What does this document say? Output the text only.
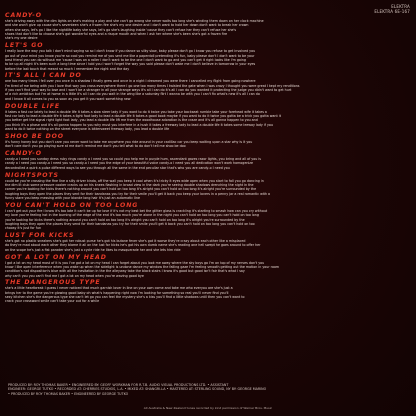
ELEKTRA
ELEKTRA 6E-167
CANDY-O
she's driving away with the dim lights on she's making a play and she can't go wrong she never waits too long she's winding them down on her clock machine
and she won't give up cause she's seventeen she's a frozen fire she's my one desire and I don't want to hold her down don't want to break her crown
when she says, let's go I like the nightlife baby she says, let's go she's laughing inside 'cause they can't refuse her they can't refuse her she's
shoes that don't like to choose she's got wonderful eyes and a risque mouth and when I ask her where she's been she's got a frozen fire
she's my one desire
LET'S GO
I really love the way you talk I don't mind saying so so I don't know if you dance so silky slow, baby please don't go I know you refuse to get involved you
go out of your mind you know you're so cool you remind me of you sent me like a paperdoll pretending it's fun, baby please don't I don't want to be your
best friend you can do without me 'cause I was on a roller I don't want to be the one I don't want to go and you can't get it right looks like I'm going
to be up all night it's been such a long time since I told you I won't forget the way you said please don't wake me I don't believe in tomorrow in your eyes
before the last touch that meant so much I remember the night and the day
IT'S ALL I CAN DO
one too many times I fell over you once in a shadow I finally grew and once in a night I dreamed you were there I cancelled my flight from going nowhere
I'm tired of me being with you I love that way you cross everywhere there I go one too many times I twisted the gate when I was crazy I thought you were great I kept my renditions
if you can't find your way to lose and I won't be a stranger in all your strange ways it's all I can do it's all I can do you wanted it protecting the judge you didn't want to get hurt
of a rich ambition but I'm at home in a little it's all I can do you wait in the wing like a saturday flirt I wanna be with you I can't fix what's new it's all I can do
and I know it all comes to you as soon as you get it you want something new
DOUBLE LIFE
it takes a fast car lately to lead a double life it takes a slow steer lady if you want to do it twice you take your backseat rumble take your forehead wife it takes a
fast car lady to lead a double life it takes a light foot lady to lead a double life it takes a good book maybe if you want to do it twice you gotta be a trick you gotta want it
you better get the signal right light foot lady, you lead a double life lift me from the woodhouse adoration is the craze and it's all gonna happen to you and
you think it's a phase and it's all gonna happen to you why must you interfere in a hush it takes a freeway lady to lead a double life it takes some leeway lady if you
want to do it twice nothing on the street everyone is bittersweet freeway lady, you lead a double life
SHOO BE DOO
it's funny honey but you don't care you never want to take me anywhere you ride around in your cadillac car you keep waiting upon a star why is it you
don't care don't you go playing sure at me don't remind me don't you tell what to do don't tell me shoo be doo
CANDY-O
candy-o I need you sunday dress ruby rings candy o I need you so could you help me in purple hum, ascendant gazes razor lights, you bring and all of you is
candy o I need you candy-o I need you so candy-o I need you the edge of your beautiful voice candy-o I need you all dedication won't work homogenize
decontrolled a quirk a pulse different ways to see you through all the same in the end peculiar star that's who you are candy-o I need you
NIGHTSPOTS
could be you're crossing the fine line a silly driver kinda, off the wall you keep it cool when it's tricky it eyes wide open when you start to fall you go dancing in
the dim lit club some pressure cooker cracks up on his knees flashing in broad view in the dark you're seeing double shadows drenching the night in the
corner you're looking for kicks there's nothing around you can't hold on too long it's alright you can't hold on too long it's alright you're surrounded by the
laughing boys they open the places they sent for their bandanas you try for their smile you'll get it back you keep your lovers in a penny jar a real romantic with a
funny stare you keep messing with your blonde long hair it's just an automatic line
YOU CAN'T HOLD ON TOO LONG
I can't get out your fire I know it's too late it can't be up for love if it's not my best bet the glitter glass is crackling it's starting to smash how can you cry without
my love you're feeling hot in the burning of the edge of the end it's too much you're alone in the night you can't hold on too long you can't hold on too long
you're looking for kicks there's nothing around you can't hold on too long it's alright you can't hold on too long it's alright you're surrounded by the
laughing boys they open the places they send for their bandanas you try for their smile you'll get it back you can't hold on too long you can't hold on too
choosy it's just for fun
LUST FOR KICKS
she's got no plastic sneakers she's got her robust purse he's got his butane fever she's got it worse they're crazy about each other like a misplaced
do they're mad about each other they blame it all on the lust for kicks he's got his own dumb name she's reading one hell swept he goes around to offer her
on the scope he's just a fist parader she's just a cycle ride he likes to masquerade her and she lets him ride
GOT A LOT ON MY HEAD
I got a lot on my head most of it is you I've got a lot on my head I can forget about you look me away where the sky boys go I'm on top of my nerves don't you
know I like open interference when you wake up when the sidelight is undone dance my window the falling gaze I'm feeling smooth getting out the motion in your room
condition's not disposition's blue with all the hesitation in the the alleyway take the black stairs I know it's good but good isn't fair that's what I say
why can't you you can't find me I got a lot on my head when you're waving good bye
THE DANGEROUS TYPE
she's a little heartbreak I guess I never noticed that much garnish lover in line on your own come and take me who everyou are she's just a
brings her to the game you're glowing good baby oh what's happening right now I'm looking for something so real you'll never find you'll
sexy kitchen she's the dangerous type she can't let go you can feel the mystery she's a kiss you'll find a little shadows until then you can't want to
crack your crossword smile can't take your out for a while
PRODUCED BY: ROY THOMAS BAKER • ENGINEERED BY: GEOFF WORKMAN FOR R.T.B. AUDIO VISUAL PRODUCTIONS LTD. • ASSISTANT
ENGINEER: GEORGE TUTKO • RECORDED AT: CHERRIES STUDIOS, L.A. • MIXED AT: SHANGRI-LA • MASTERED AT: STERLING SOUND, NY BY: GEORGE MARINO
• PRODUCED BY ROY THOMAS BAKER • ENGINEERED BY GEORGE TUTKO
All Australia & New Zealand tunes recorded by kind permission of Warner Bros. Music
